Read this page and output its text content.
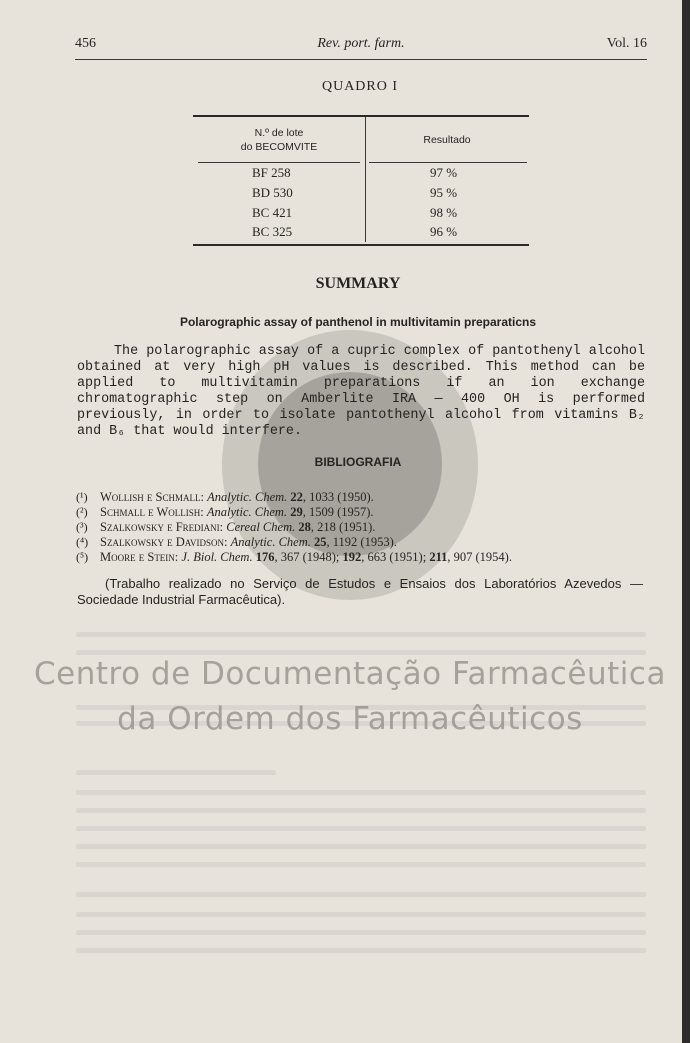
456	Rev. port. farm.	Vol. 16
QUADRO I
N.º de lote
do BECOMVITE
Resultado
BF 258	97 %
BD 530	95 %
BC 421	98 %
BC 325	96 %
SUMMARY
Polarographic assay of panthenol in multivitamin preparaticns

The polarographic assay of a cupric complex of pantothenyl alcohol obtained at very high pH values is described. This method can be applied to multivitamin preparations if an ion exchange chromatographic step on Amberlite IRA — 400 OH is performed previously, in order to isolate pantothenyl alcohol from vitamins B₂ and B₆ that would interfere.

BIBLIOGRAFIA
(¹) Wollish e Schmall: Analytic. Chem. 22, 1033 (1950).
(²) Schmall e Wollish: Analytic. Chem. 29, 1509 (1957).
(³) Szalkowsky e Frediani: Cereal Chem. 28, 218 (1951).
(⁴) Szalkowsky e Davidson: Analytic. Chem. 25, 1192 (1953).
(⁵) Moore e Stein: J. Biol. Chem. 176, 367 (1948); 192, 663 (1951); 211, 907 (1954).

(Trabalho realizado no Serviço de Estudos e Ensaios dos Laboratórios Azevedos — Sociedade Industrial Farmacêutica).

Centro de Documentação Farmacêutica
da Ordem dos Farmacêuticos
